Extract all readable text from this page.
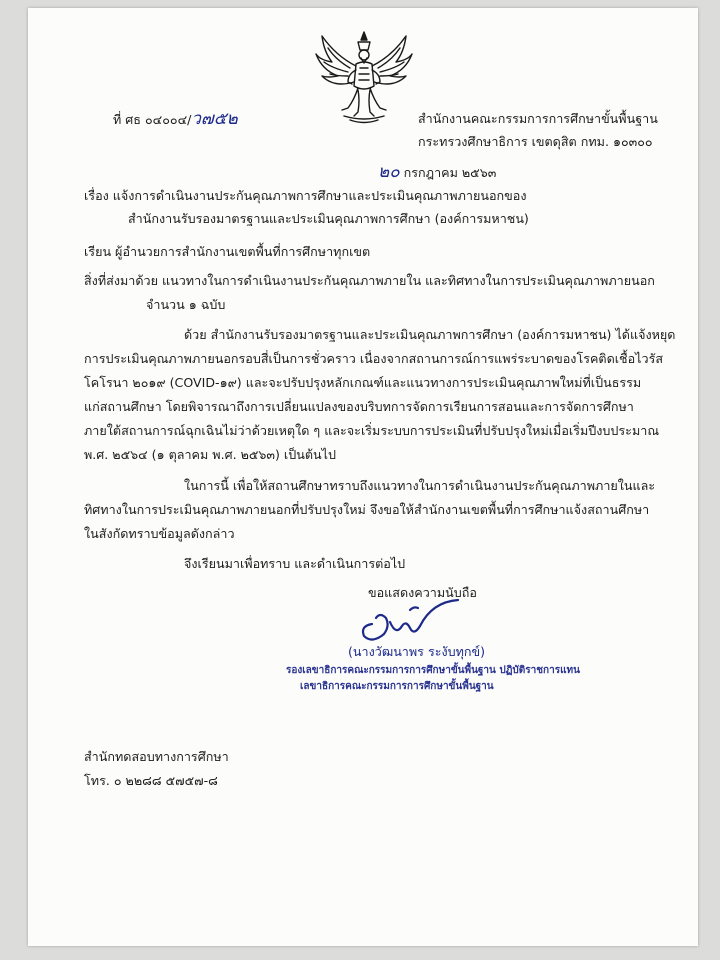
ที่ ศธ ๐๔๐๐๔/ว๗๕๒	สำนักงานคณะกรรมการการศึกษาขั้นพื้นฐาน
กระทรวงศึกษาธิการ เขตดุสิต กทม. ๑๐๓๐๐
๒๐ กรกฎาคม ๒๕๖๓
เรื่อง แจ้งการดำเนินงานประกันคุณภาพการศึกษาและประเมินคุณภาพภายนอกของ
สำนักงานรับรองมาตรฐานและประเมินคุณภาพการศึกษา (องค์การมหาชน)
เรียน ผู้อำนวยการสำนักงานเขตพื้นที่การศึกษาทุกเขต
สิ่งที่ส่งมาด้วย แนวทางในการดำเนินงานประกันคุณภาพภายใน และทิศทางในการประเมินคุณภาพภายนอก
จำนวน ๑ ฉบับ
ด้วย สำนักงานรับรองมาตรฐานและประเมินคุณภาพการศึกษา (องค์การมหาชน) ได้แจ้งหยุด
การประเมินคุณภาพภายนอกรอบสี่เป็นการชั่วคราว เนื่องจากสถานการณ์การแพร่ระบาดของโรคติดเชื้อไวรัส
โคโรนา ๒๐๑๙ (COVID-๑๙) และจะปรับปรุงหลักเกณฑ์และแนวทางการประเมินคุณภาพใหม่ที่เป็นธรรม
แก่สถานศึกษา โดยพิจารณาถึงการเปลี่ยนแปลงของบริบทการจัดการเรียนการสอนและการจัดการศึกษา
ภายใต้สถานการณ์ฉุกเฉินไม่ว่าด้วยเหตุใด ๆ และจะเริ่มระบบการประเมินที่ปรับปรุงใหม่เมื่อเริ่มปีงบประมาณ
พ.ศ. ๒๕๖๔ (๑ ตุลาคม พ.ศ. ๒๕๖๓) เป็นต้นไป
ในการนี้ เพื่อให้สถานศึกษาทราบถึงแนวทางในการดำเนินงานประกันคุณภาพภายในและ
ทิศทางในการประเมินคุณภาพภายนอกที่ปรับปรุงใหม่ จึงขอให้สำนักงานเขตพื้นที่การศึกษาแจ้งสถานศึกษา
ในสังกัดทราบข้อมูลดังกล่าว
จึงเรียนมาเพื่อทราบ และดำเนินการต่อไป
ขอแสดงความนับถือ
(นางวัฒนาพร ระงับทุกข์)
รองเลขาธิการคณะกรรมการการศึกษาขั้นพื้นฐาน ปฏิบัติราชการแทน
เลขาธิการคณะกรรมการการศึกษาขั้นพื้นฐาน
สำนักทดสอบทางการศึกษา
โทร. ๐ ๒๒๘๘ ๕๗๕๗-๘
